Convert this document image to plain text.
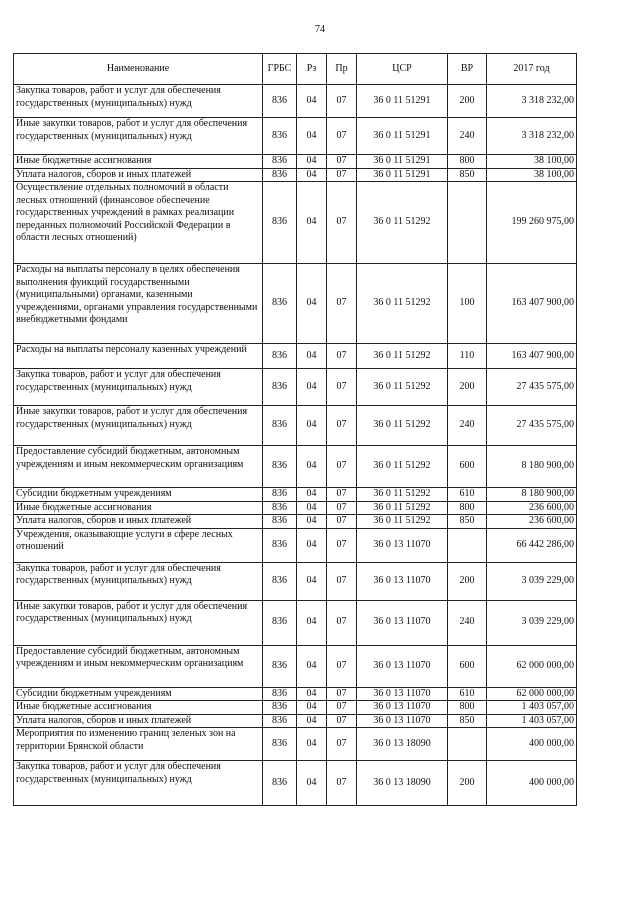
74
Наименование	ГРБС	Рз	Пр	ЦСР	ВР	2017 год
Закупка товаров, работ и услуг для обеспечения государственных (муниципальных) нужд	836	04	07	36 0 11 51291	200	3 318 232,00
Иные закупки товаров, работ и услуг для обеспечения государственных (муниципальных) нужд	836	04	07	36 0 11 51291	240	3 318 232,00
Иные бюджетные ассигнования	836	04	07	36 0 11 51291	800	38 100,00
Уплата налогов, сборов и иных платежей	836	04	07	36 0 11 51291	850	38 100,00
Осуществление отдельных полномочий в области лесных отношений (финансовое обеспечение государственных учреждений в рамках реализации переданных полномочий Российской Федерации в области лесных отношений)	836	04	07	36 0 11 51292		199 260 975,00
Расходы на выплаты персоналу в целях обеспечения выполнения функций государственными (муниципальными) органами, казенными учреждениями, органами управления государственными внебюджетными фондами	836	04	07	36 0 11 51292	100	163 407 900,00
Расходы на выплаты персоналу казенных учреждений	836	04	07	36 0 11 51292	110	163 407 900,00
Закупка товаров, работ и услуг для обеспечения государственных (муниципальных) нужд	836	04	07	36 0 11 51292	200	27 435 575,00
Иные закупки товаров, работ и услуг для обеспечения государственных (муниципальных) нужд	836	04	07	36 0 11 51292	240	27 435 575,00
Предоставление субсидий бюджетным, автономным учреждениям и иным некоммерческим организациям	836	04	07	36 0 11 51292	600	8 180 900,00
Субсидии бюджетным учреждениям	836	04	07	36 0 11 51292	610	8 180 900,00
Иные бюджетные ассигнования	836	04	07	36 0 11 51292	800	236 600,00
Уплата налогов, сборов и иных платежей	836	04	07	36 0 11 51292	850	236 600,00
Учреждения, оказывающие услуги в сфере лесных отношений	836	04	07	36 0 13 11070		66 442 286,00
Закупка товаров, работ и услуг для обеспечения государственных (муниципальных) нужд	836	04	07	36 0 13 11070	200	3 039 229,00
Иные закупки товаров, работ и услуг для обеспечения государственных (муниципальных) нужд	836	04	07	36 0 13 11070	240	3 039 229,00
Предоставление субсидий бюджетным, автономным учреждениям и иным некоммерческим организациям	836	04	07	36 0 13 11070	600	62 000 000,00
Субсидии бюджетным учреждениям	836	04	07	36 0 13 11070	610	62 000 000,00
Иные бюджетные ассигнования	836	04	07	36 0 13 11070	800	1 403 057,00
Уплата налогов, сборов и иных платежей	836	04	07	36 0 13 11070	850	1 403 057,00
Мероприятия по изменению границ зеленых зон на территории Брянской области	836	04	07	36 0 13 18090		400 000,00
Закупка товаров, работ и услуг для обеспечения государственных (муниципальных) нужд	836	04	07	36 0 13 18090	200	400 000,00
